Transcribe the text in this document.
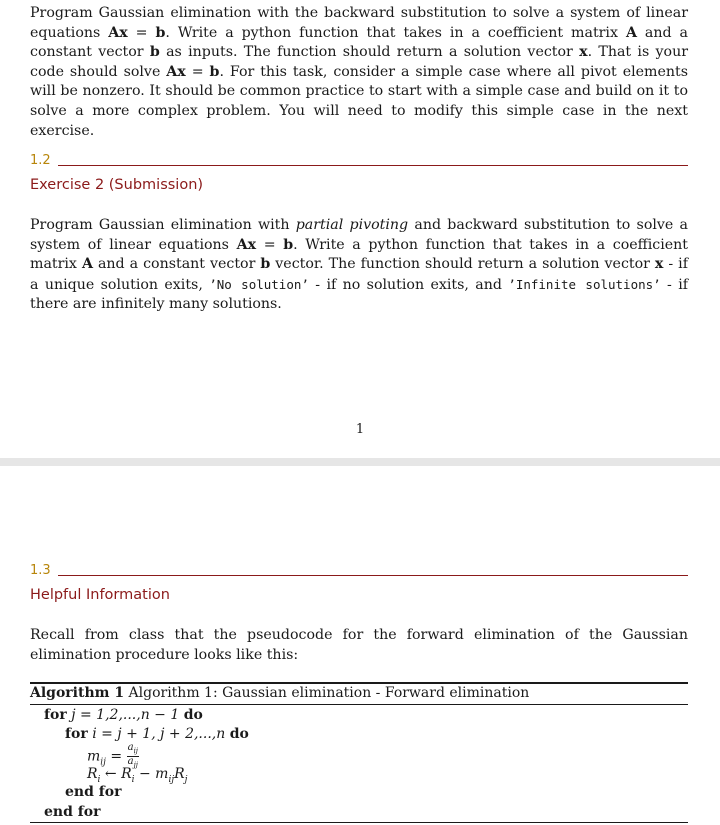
Program Gaussian elimination with the backward substitution to solve a system of linear equations Ax = b. Write a python function that takes in a coefficient matrix A and a constant vector b as inputs. The function should return a solution vector x. That is your code should solve Ax = b. For this task, consider a simple case where all pivot elements will be nonzero. It should be common practice to start with a simple case and build on it to solve a more complex problem. You will need to modify this simple case in the next exercise.
1.2
Exercise 2 (Submission)
Program Gaussian elimination with partial pivoting and backward substitution to solve a system of linear equations Ax = b. Write a python function that takes in a coefficient matrix A and a constant vector b vector. The function should return a solution vector x - if a unique solution exits, ’No solution’ - if no solution exits, and ’Infinite solutions’ - if there are infinitely many solutions.
1
1.3
Helpful Information
Recall from class that the pseudocode for the forward elimination of the Gaussian elimination procedure looks like this:
Algorithm 1 Algorithm 1: Gaussian elimination - Forward elimination
for j = 1,2,...,n − 1 do
for i = j + 1, j + 2,...,n do
$m_{ij} = \frac{a_{ij}}{a_{jj}}$
$R_i$ ← $R_i - m_{ij}R_j$
end for
end for
